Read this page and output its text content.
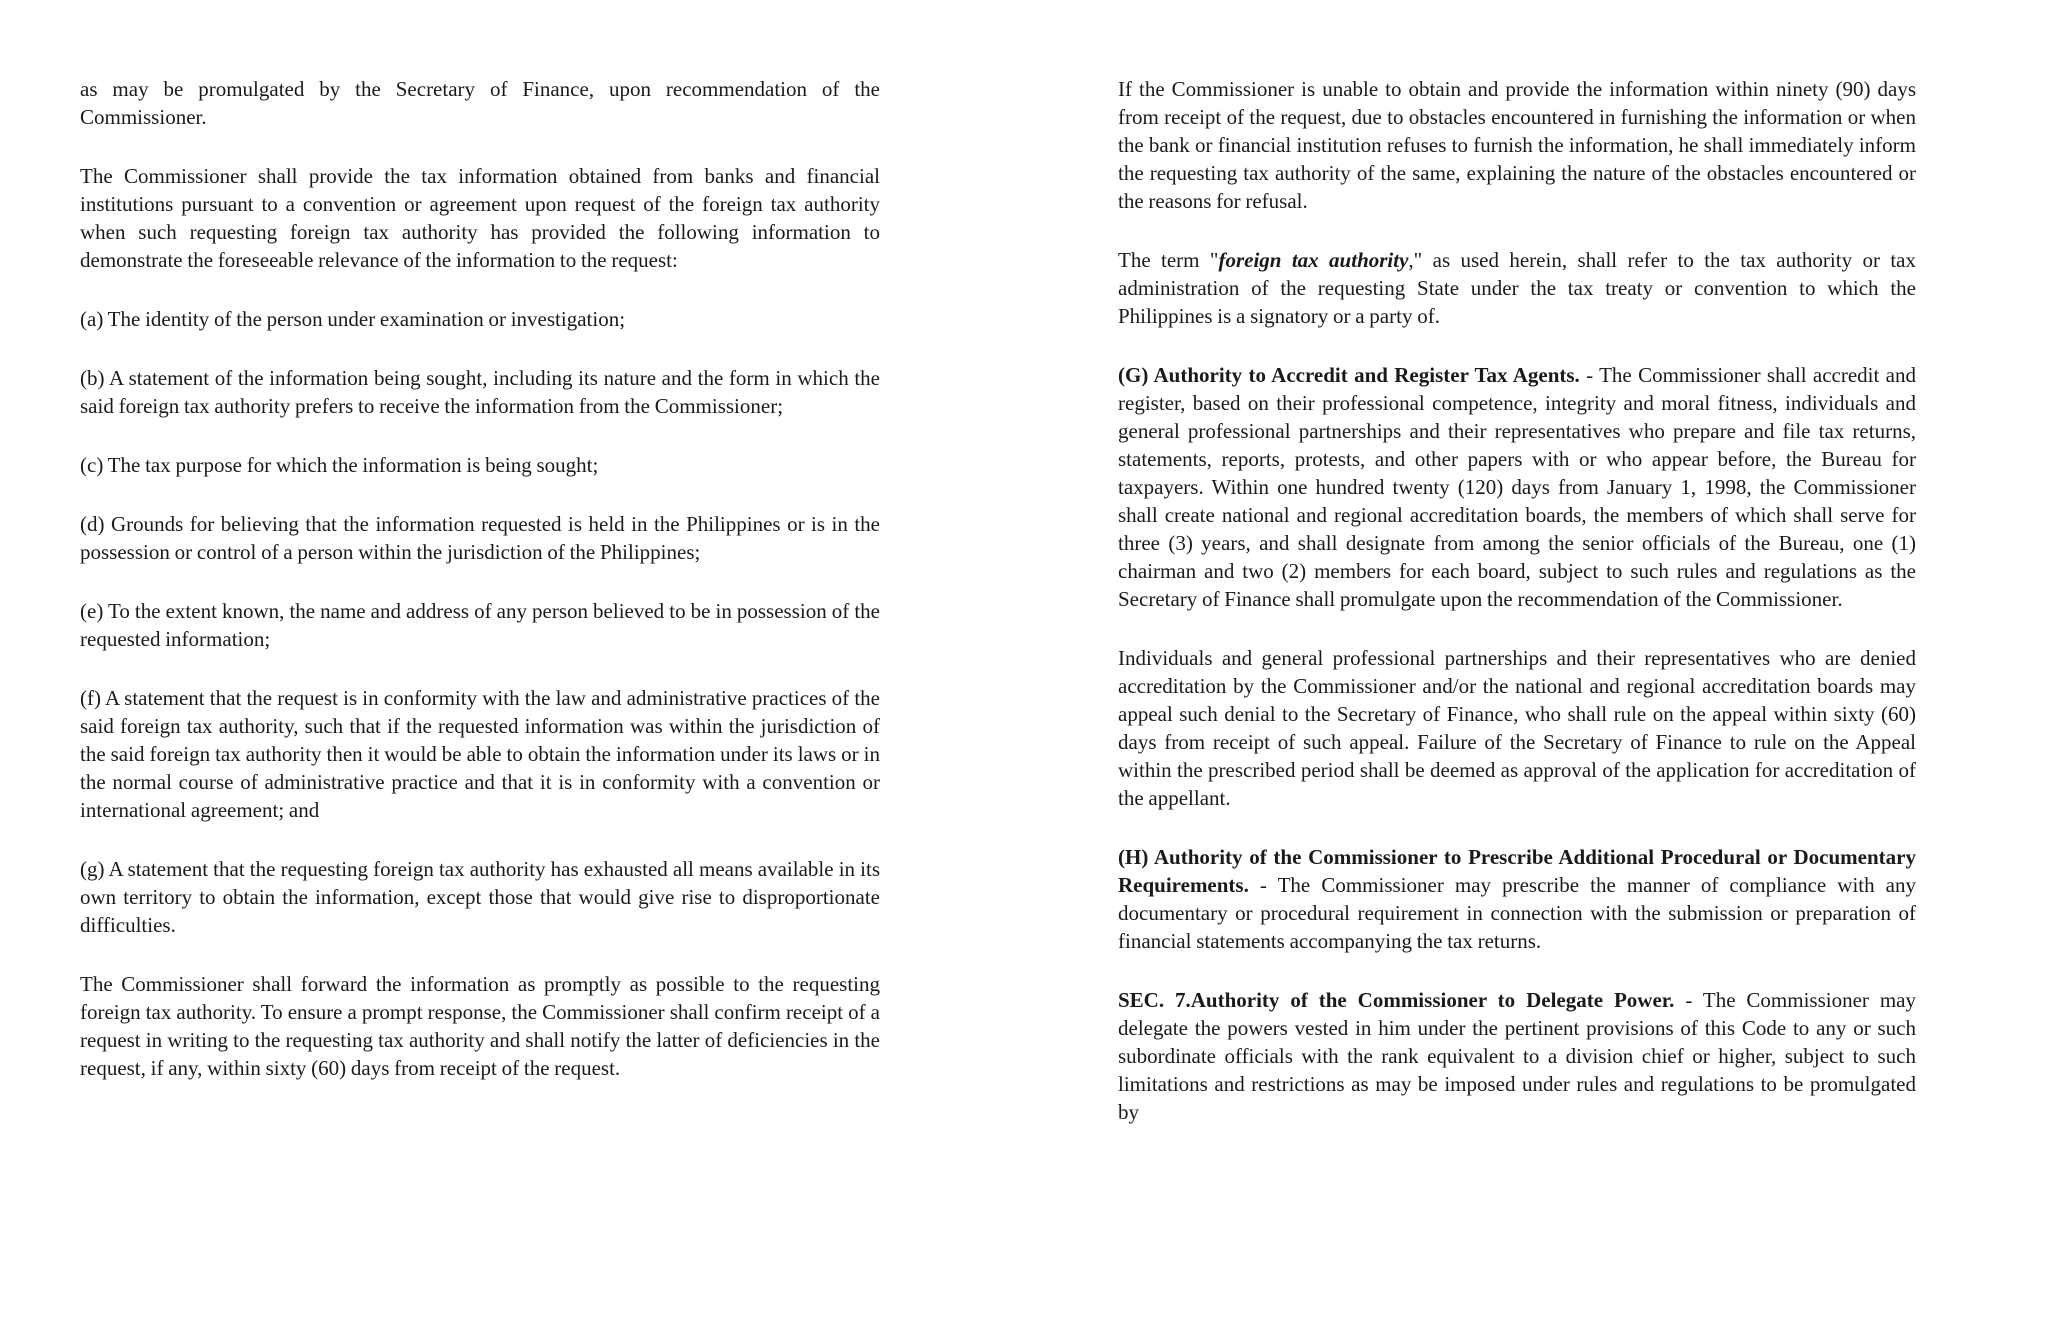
as may be promulgated by the Secretary of Finance, upon recommendation of the Commissioner.

The Commissioner shall provide the tax information obtained from banks and financial institutions pursuant to a convention or agreement upon request of the foreign tax authority when such requesting foreign tax authority has provided the following information to demonstrate the foreseeable relevance of the information to the request:

(a) The identity of the person under examination or investigation;

(b) A statement of the information being sought, including its nature and the form in which the said foreign tax authority prefers to receive the information from the Commissioner;

(c) The tax purpose for which the information is being sought;

(d) Grounds for believing that the information requested is held in the Philippines or is in the possession or control of a person within the jurisdiction of the Philippines;

(e) To the extent known, the name and address of any person believed to be in possession of the requested information;

(f) A statement that the request is in conformity with the law and administrative practices of the said foreign tax authority, such that if the requested information was within the jurisdiction of the said foreign tax authority then it would be able to obtain the information under its laws or in the normal course of administrative practice and that it is in conformity with a convention or international agreement; and

(g) A statement that the requesting foreign tax authority has exhausted all means available in its own territory to obtain the information, except those that would give rise to disproportionate difficulties.

The Commissioner shall forward the information as promptly as possible to the requesting foreign tax authority. To ensure a prompt response, the Commissioner shall confirm receipt of a request in writing to the requesting tax authority and shall notify the latter of deficiencies in the request, if any, within sixty (60) days from receipt of the request.

If the Commissioner is unable to obtain and provide the information within ninety (90) days from receipt of the request, due to obstacles encountered in furnishing the information or when the bank or financial institution refuses to furnish the information, he shall immediately inform the requesting tax authority of the same, explaining the nature of the obstacles encountered or the reasons for refusal.

The term "foreign tax authority," as used herein, shall refer to the tax authority or tax administration of the requesting State under the tax treaty or convention to which the Philippines is a signatory or a party of.

(G) Authority to Accredit and Register Tax Agents. - The Commissioner shall accredit and register, based on their professional competence, integrity and moral fitness, individuals and general professional partnerships and their representatives who prepare and file tax returns, statements, reports, protests, and other papers with or who appear before, the Bureau for taxpayers. Within one hundred twenty (120) days from January 1, 1998, the Commissioner shall create national and regional accreditation boards, the members of which shall serve for three (3) years, and shall designate from among the senior officials of the Bureau, one (1) chairman and two (2) members for each board, subject to such rules and regulations as the Secretary of Finance shall promulgate upon the recommendation of the Commissioner.

Individuals and general professional partnerships and their representatives who are denied accreditation by the Commissioner and/or the national and regional accreditation boards may appeal such denial to the Secretary of Finance, who shall rule on the appeal within sixty (60) days from receipt of such appeal. Failure of the Secretary of Finance to rule on the Appeal within the prescribed period shall be deemed as approval of the application for accreditation of the appellant.

(H) Authority of the Commissioner to Prescribe Additional Procedural or Documentary Requirements. - The Commissioner may prescribe the manner of compliance with any documentary or procedural requirement in connection with the submission or preparation of financial statements accompanying the tax returns.

SEC. 7.Authority of the Commissioner to Delegate Power. - The Commissioner may delegate the powers vested in him under the pertinent provisions of this Code to any or such subordinate officials with the rank equivalent to a division chief or higher, subject to such limitations and restrictions as may be imposed under rules and regulations to be promulgated by
